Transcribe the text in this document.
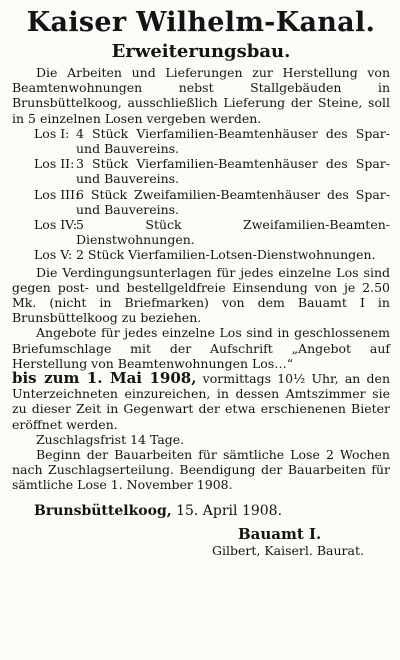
Kaiser Wilhelm-Kanal.
Erweiterungsbau.
Die Arbeiten und Lieferungen zur Herstellung von Beamtenwohnungen nebst Stallgebäuden in Brunsbüttelkoog, ausschließlich Lieferung der Steine, soll in 5 einzelnen Losen vergeben werden.
Los I: 4 Stück Vierfamilien-Beamtenhäuser des Spar- und Bauvereins.
Los II: 3 Stück Vierfamilien-Beamtenhäuser des Spar- und Bauvereins.
Los III:
6 Stück Zweifamilien-Beamtenhäuser des Spar- und Bauvereins.
Los IV:
5 Stück Zweifamilien-Beamten-Dienstwohnungen.
Los V: 2 Stück Vierfamilien-Lotsen-Dienstwohnungen.
Die Verdingungsunterlagen für jedes einzelne Los sind gegen post- und bestellgeldfreie Einsendung von je 2.50 Mk. (nicht in Briefmarken) von dem Bauamt I in Brunsbüttelkoog zu beziehen.
Angebote für jedes einzelne Los sind in geschlossenem Briefumschlage mit der Aufschrift „Angebot auf Herstellung von Beamtenwohnungen Los…“
bis zum 1. Mai 1908, vormittags 10½ Uhr, an den Unterzeichneten einzureichen, in dessen Amtszimmer sie zu dieser Zeit in Gegenwart der etwa erschienenen Bieter eröffnet werden.
Zuschlagsfrist 14 Tage.
Beginn der Bauarbeiten für sämtliche Lose 2 Wochen nach Zuschlagserteilung. Beendigung der Bauarbeiten für sämtliche Lose 1. November 1908.
Brunsbüttelkoog, 15. April 1908.
Bauamt I.
Gilbert, Kaiserl. Baurat.
